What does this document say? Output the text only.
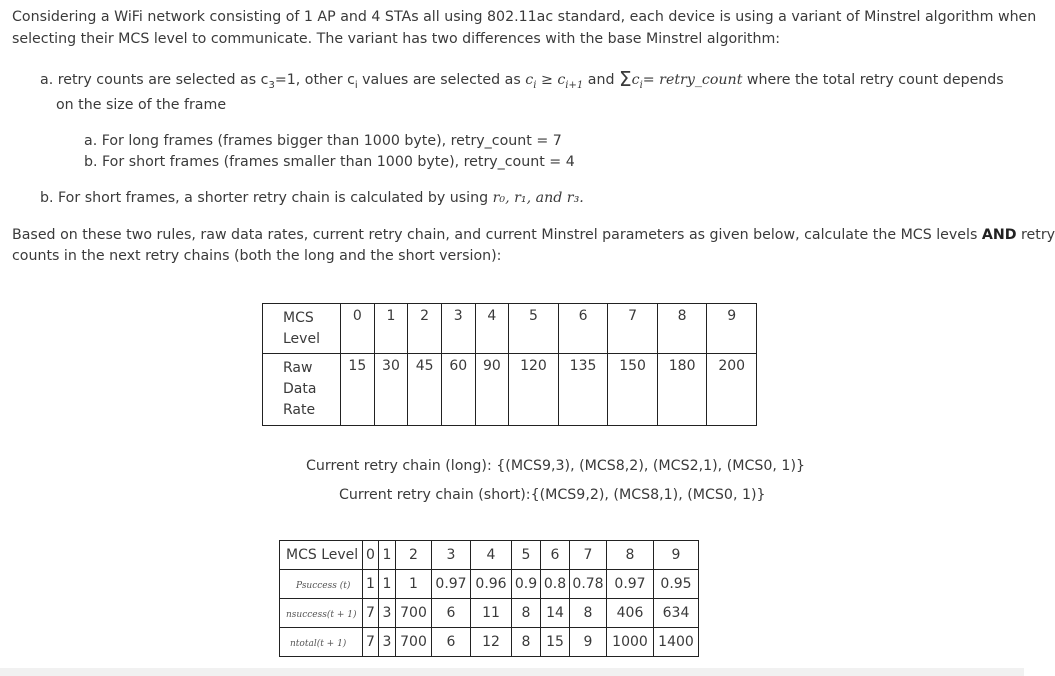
Considering a WiFi network consisting of 1 AP and 4 STAs all using 802.11ac standard, each device is using a variant of Minstrel algorithm when
selecting their MCS level to communicate. The variant has two differences with the base Minstrel algorithm:
a. retry counts are selected as $c_3=1$, other $c_i$ values are selected as $c_i \ge c_{i+1}$ and $\Sigma c_i=$ retry_count where the total retry count depends
on the size of the frame
a. For long frames (frames bigger than 1000 byte), retry_count = 7
b. For short frames (frames smaller than 1000 byte), retry_count = 4
b. For short frames, a shorter retry chain is calculated by using r₀, r₁, and r₃.
Based on these two rules, raw data rates, current retry chain, and current Minstrel parameters as given below, calculate the MCS levels AND retry
counts in the next retry chains (both the long and the short version):
MCS
Level	0	1	2	3	4	5	6	7	8	9
Raw
Data
Rate	15	30	45	60	90	120	135	150	180	200
Current retry chain (long): {(MCS9,3), (MCS8,2), (MCS2,1), (MCS0, 1)}
Current retry chain (short):{(MCS9,2), (MCS8,1), (MCS0, 1)}
MCS Level	0	1	2	3	4	5	6	7	8	9
Psuccess (t)	1	1	1	0.97	0.96	0.9	0.8	0.78	0.97	0.95
nsuccess(t + 1)	7	3	700	6	11	8	14	8	406	634
ntotal(t + 1)	7	3	700	6	12	8	15	9	1000	1400
